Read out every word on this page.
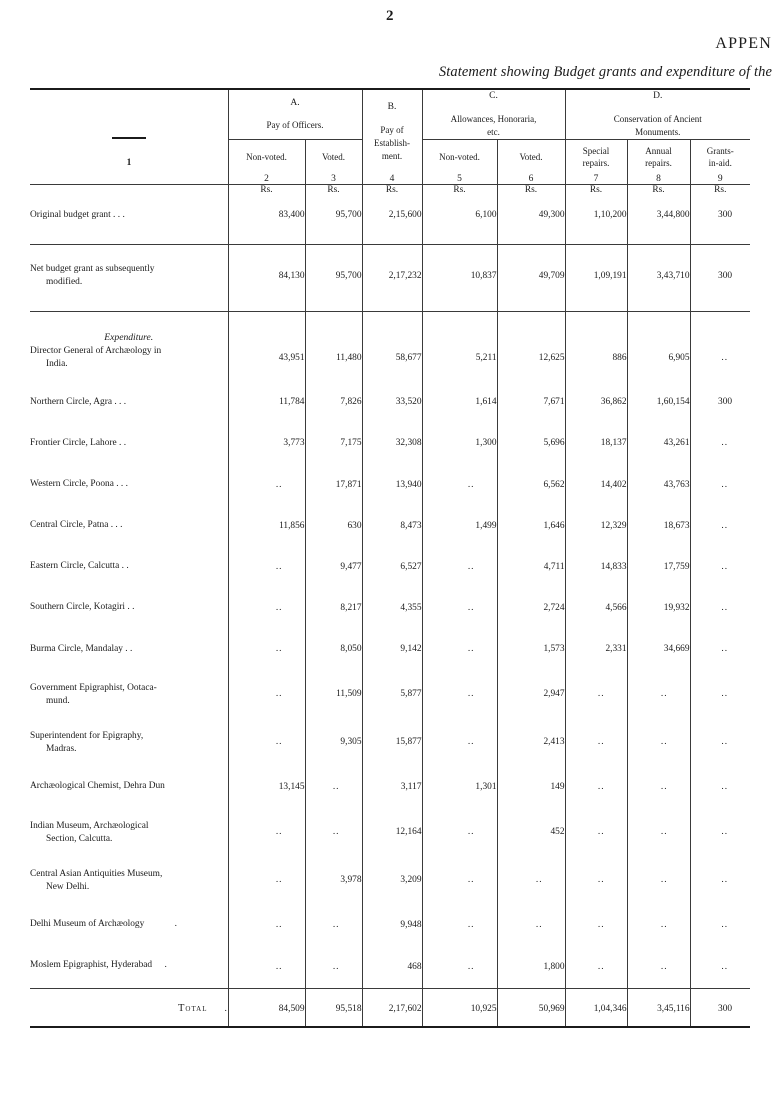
2
APPEN
Statement showing Budget grants and expenditure of the

	A.
Pay of Officers.		B.
Pay of
Establish-
ment.	C.
Allowances, Honoraria,
etc.		D.
Conservation of Ancient
Monuments.		

	Non-voted.	Voted.		Non-voted.	Voted.	Special
repairs.	Annual
repairs.	Grants-
in-aid.
	2	3	4	5	6	7	8	9

1								

	Rs.	Rs.	Rs.	Rs.	Rs.	Rs.	Rs.	Rs.
Original budget grant . . .	83,400	95,700	2,15,600	6,100	49,300	1,10,200	3,44,800	300
Net budget grant as subsequently
modified.	84,130	95,700	2,17,232	10,837	49,709	1,09,191	3,43,710	300
Expenditure.								
Director General of Archæology in
India.	43,951	11,480	58,677	5,211	12,625	886	6,905	..
Northern Circle, Agra . . .	11,784	7,826	33,520	1,614	7,671	36,862	1,60,154	300
Frontier Circle, Lahore . .	3,773	7,175	32,308	1,300	5,696	18,137	43,261	..
Western Circle, Poona . . .	..	17,871	13,940	..	6,562	14,402	43,763	..
Central Circle, Patna . . .	11,856	630	8,473	1,499	1,646	12,329	18,673	..
Eastern Circle, Calcutta . .	..	9,477	6,527	..	4,711	14,833	17,759	..
Southern Circle, Kotagiri . .	..	8,217	4,355	..	2,724	4,566	19,932	..
Burma Circle, Mandalay . .	..	8,050	9,142	..	1,573	2,331	34,669	..
Government Epigraphist, Ootaca-
mund.	..	11,509	5,877	..	2,947	..	..	..
Superintendent for Epigraphy,
Madras.	..	9,305	15,877	..	2,413	..	..	..
Archæological Chemist, Dehra Dun	13,145	..	3,117	1,301	149	..	..	..
Indian Museum, Archæological
Section, Calcutta.	..	..	12,164	..	452	..	..	..
Central Asian Antiquities Museum,
New Delhi.	..	3,978	3,209	..	..	..	..	..
Delhi Museum of Archæology .	..	..	9,948	..	..	..	..	..
Moslem Epigraphist, Hyderabad .	..	..	468	..	1,800	..	..	..
Total .	84,509	95,518	2,17,602	10,925	50,969	1,04,346	3,45,116	300
